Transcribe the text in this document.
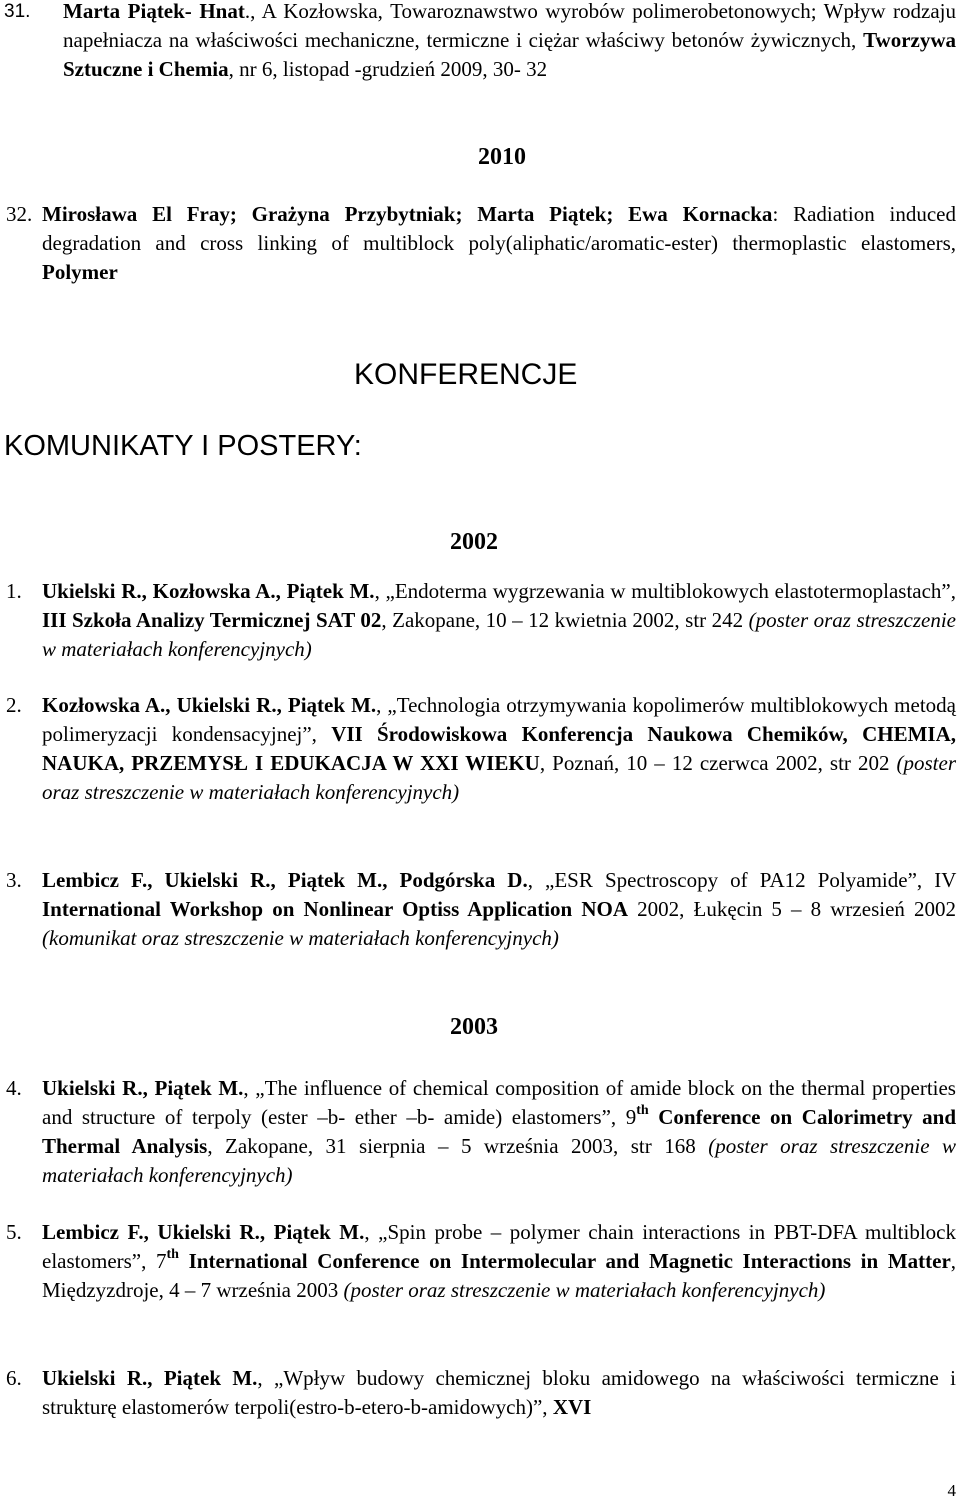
31. Marta Piątek- Hnat., A Kozłowska, Towaroznawstwo wyrobów polimerobetonowych; Wpływ rodzaju napełniacza na właściwości mechaniczne, termiczne i ciężar właściwy betonów żywicznych, Tworzywa Sztuczne i Chemia, nr 6, listopad -grudzień 2009, 30- 32
2010
32. Mirosława El Fray; Grażyna Przybytniak; Marta Piątek; Ewa Kornacka: Radiation induced degradation and cross linking of multiblock poly(aliphatic/aromatic-ester) thermoplastic elastomers, Polymer
KONFERENCJE
KOMUNIKATY I POSTERY:
2002
1. Ukielski R., Kozłowska A., Piątek M., „Endoterma wygrzewania w multiblokowych elastotermoplastach”, III Szkoła Analizy Termicznej SAT 02, Zakopane, 10 – 12 kwietnia 2002, str 242 (poster oraz streszczenie w materiałach konferencyjnych)
2. Kozłowska A., Ukielski R., Piątek M., „Technologia otrzymywania kopolimerów multiblokowych metodą polimeryzacji kondensacyjnej”, VII Środowiskowa Konferencja Naukowa Chemików, CHEMIA, NAUKA, PRZEMYSŁ I EDUKACJA W XXI WIEKU, Poznań, 10 – 12 czerwca 2002, str 202 (poster oraz streszczenie w materiałach konferencyjnych)
3. Lembicz F., Ukielski R., Piątek M., Podgórska D., „ESR Spectroscopy of PA12 Polyamide”, IV International Workshop on Nonlinear Optiss Application NOA 2002, Łukęcin 5 – 8 wrzesień 2002 (komunikat oraz streszczenie w materiałach konferencyjnych)
2003
4. Ukielski R., Piątek M., „The influence of chemical composition of amide block on the thermal properties and structure of terpoly (ester –b- ether –b- amide) elastomers”, 9th Conference on Calorimetry and Thermal Analysis, Zakopane, 31 sierpnia – 5 września 2003, str 168 (poster oraz streszczenie w materiałach konferencyjnych)
5. Lembicz F., Ukielski R., Piątek M., „Spin probe – polymer chain interactions in PBT-DFA multiblock elastomers”, 7th International Conference on Intermolecular and Magnetic Interactions in Matter, Międzyzdroje, 4 – 7 września 2003 (poster oraz streszczenie w materiałach konferencyjnych)
6. Ukielski R., Piątek M., „Wpływ budowy chemicznej bloku amidowego na właściwości termiczne i strukturę elastomerów terpoli(estro-b-etero-b-amidowych)”, XVI
4
